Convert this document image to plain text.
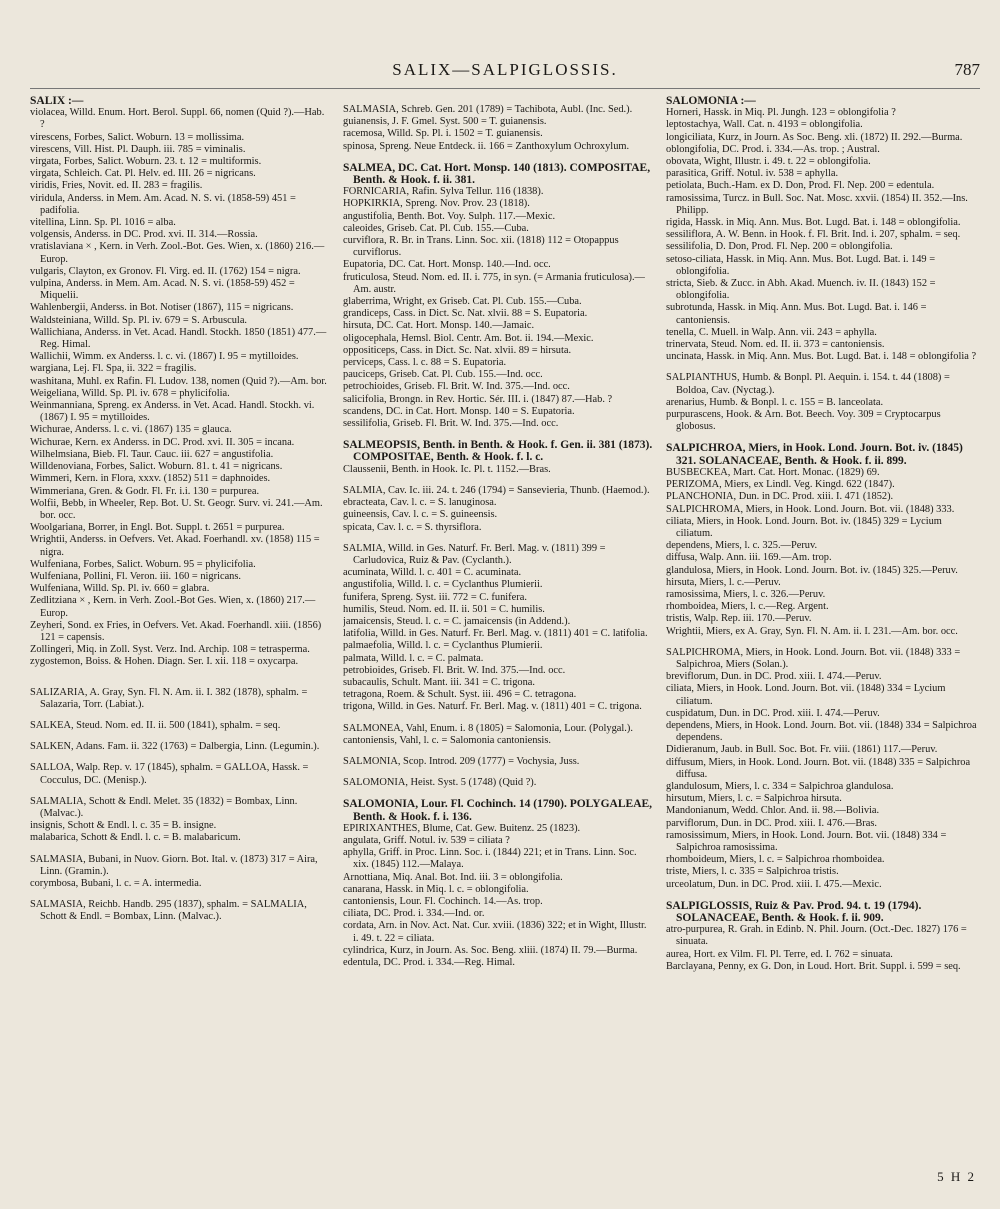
SALIX—SALPIGLOSSIS.	787

SALIX :—

violacea, Willd. Enum. Hort. Berol. Suppl. 66, nomen (Quid ?).—Hab. ?

virescens, Forbes, Salict. Woburn. 13 = mollissima.

virescens, Vill. Hist. Pl. Dauph. iii. 785 = viminalis.

virgata, Forbes, Salict. Woburn. 23. t. 12 = multiformis.

virgata, Schleich. Cat. Pl. Helv. ed. III. 26 = nigricans.

viridis, Fries, Novit. ed. II. 283 = fragilis.

viridula, Anderss. in Mem. Am. Acad. N. S. vi. (1858-59) 451 = padifolia.

vitellina, Linn. Sp. Pl. 1016 = alba.

volgensis, Anderss. in DC. Prod. xvi. II. 314.—Rossia.

vratislaviana × , Kern. in Verh. Zool.-Bot. Ges. Wien, x. (1860) 216.—Europ.

vulgaris, Clayton, ex Gronov. Fl. Virg. ed. II. (1762) 154 = nigra.

vulpina, Anderss. in Mem. Am. Acad. N. S. vi. (1858-59) 452 = Miquelii.

Wahlenbergii, Anderss. in Bot. Notiser (1867), 115 = nigricans.

Waldsteiniana, Willd. Sp. Pl. iv. 679 = S. Arbuscula.

Wallichiana, Anderss. in Vet. Acad. Handl. Stockh. 1850 (1851) 477.—Reg. Himal.

Wallichii, Wimm. ex Anderss. l. c. vi. (1867) I. 95 = mytilloides.

wargiana, Lej. Fl. Spa, ii. 322 = fragilis.

washitana, Muhl. ex Rafin. Fl. Ludov. 138, nomen (Quid ?).—Am. bor.

Weigeliana, Willd. Sp. Pl. iv. 678 = phylicifolia.

Weinmanniana, Spreng. ex Anderss. in Vet. Acad. Handl. Stockh. vi. (1867) I. 95 = mytilloides.

Wichurae, Anderss. l. c. vi. (1867) 135 = glauca.

Wichurae, Kern. ex Anderss. in DC. Prod. xvi. II. 305 = incana.

Wilhelmsiana, Bieb. Fl. Taur. Cauc. iii. 627 = angustifolia.

Willdenoviana, Forbes, Salict. Woburn. 81. t. 41 = nigricans.

Wimmeri, Kern. in Flora, xxxv. (1852) 511 = daphnoides.

Wimmeriana, Gren. & Godr. Fl. Fr. i.i. 130 = purpurea.

Wolfii, Bebb, in Wheeler, Rep. Bot. U. St. Geogr. Surv. vi. 241.—Am. bor. occ.

Woolgariana, Borrer, in Engl. Bot. Suppl. t. 2651 = purpurea.

Wrightii, Anderss. in Oefvers. Vet. Akad. Foerhandl. xv. (1858) 115 = nigra.

Wulfeniana, Forbes, Salict. Woburn. 95 = phylicifolia.

Wulfeniana, Pollini, Fl. Veron. iii. 160 = nigricans.

Wulfeniana, Willd. Sp. Pl. iv. 660 = glabra.

Zedlitziana × , Kern. in Verh. Zool.-Bot Ges. Wien, x. (1860) 217.—Europ.

Zeyheri, Sond. ex Fries, in Oefvers. Vet. Akad. Foerhandl. xiii. (1856) 121 = capensis.

Zollingeri, Miq. in Zoll. Syst. Verz. Ind. Archip. 108 = tetrasperma.

zygostemon, Boiss. & Hohen. Diagn. Ser. I. xii. 118 = oxycarpa.

SALIZARIA, A. Gray, Syn. Fl. N. Am. ii. I. 382 (1878), sphalm. = Salazaria, Torr. (Labiat.).

SALKEA, Steud. Nom. ed. II. ii. 500 (1841), sphalm. = seq.

SALKEN, Adans. Fam. ii. 322 (1763) = Dalbergia, Linn. (Legumin.).

SALLOA, Walp. Rep. v. 17 (1845), sphalm. = GALLOA, Hassk. = Cocculus, DC. (Menisp.).

SALMALIA, Schott & Endl. Melet. 35 (1832) = Bombax, Linn. (Malvac.).

insignis, Schott & Endl. l. c. 35 = B. insigne.

malabarica, Schott & Endl. l. c. = B. malabaricum.

SALMASIA, Bubani, in Nuov. Giorn. Bot. Ital. v. (1873) 317 = Aira, Linn. (Gramin.).

corymbosa, Bubani, l. c. = A. intermedia.

SALMASIA, Reichb. Handb. 295 (1837), sphalm. = SALMALIA, Schott & Endl. = Bombax, Linn. (Malvac.).

SALMASIA, Schreb. Gen. 201 (1789) = Tachibota, Aubl. (Inc. Sed.).

guianensis, J. F. Gmel. Syst. 500 = T. guianensis.

racemosa, Willd. Sp. Pl. i. 1502 = T. guianensis.

spinosa, Spreng. Neue Entdeck. ii. 166 = Zanthoxylum Ochroxylum.

SALMEA, DC. Cat. Hort. Monsp. 140 (1813). COMPOSITAE, Benth. & Hook. f. ii. 381.

FORNICARIA, Rafin. Sylva Tellur. 116 (1838).

HOPKIRKIA, Spreng. Nov. Prov. 23 (1818).

angustifolia, Benth. Bot. Voy. Sulph. 117.—Mexic.

caleoides, Griseb. Cat. Pl. Cub. 155.—Cuba.

curviflora, R. Br. in Trans. Linn. Soc. xii. (1818) 112 = Otopappus curviflorus.

Eupatoria, DC. Cat. Hort. Monsp. 140.—Ind. occ.

fruticulosa, Steud. Nom. ed. II. i. 775, in syn. (= Armania fruticulosa).—Am. austr.

glaberrima, Wright, ex Griseb. Cat. Pl. Cub. 155.—Cuba.

grandiceps, Cass. in Dict. Sc. Nat. xlvii. 88 = S. Eupatoria.

hirsuta, DC. Cat. Hort. Monsp. 140.—Jamaic.

oligocephala, Hemsl. Biol. Centr. Am. Bot. ii. 194.—Mexic.

oppositiceps, Cass. in Dict. Sc. Nat. xlvii. 89 = hirsuta.

perviceps, Cass. l. c. 88 = S. Eupatoria.

pauciceps, Griseb. Cat. Pl. Cub. 155.—Ind. occ.

petrochioides, Griseb. Fl. Brit. W. Ind. 375.—Ind. occ.

salicifolia, Brongn. in Rev. Hortic. Sér. III. i. (1847) 87.—Hab. ?

scandens, DC. in Cat. Hort. Monsp. 140 = S. Eupatoria.

sessilifolia, Griseb. Fl. Brit. W. Ind. 375.—Ind. occ.

SALMEOPSIS, Benth. in Benth. & Hook. f. Gen. ii. 381 (1873). COMPOSITAE, Benth. & Hook. f. l. c.

Claussenii, Benth. in Hook. Ic. Pl. t. 1152.—Bras.

SALMIA, Cav. Ic. iii. 24. t. 246 (1794) = Sansevieria, Thunb. (Haemod.).

ebracteata, Cav. l. c. = S. lanuginosa.

guineensis, Cav. l. c. = S. guineensis.

spicata, Cav. l. c. = S. thyrsiflora.

SALMIA, Willd. in Ges. Naturf. Fr. Berl. Mag. v. (1811) 399 = Carludovica, Ruiz & Pav. (Cyclanth.).

acuminata, Willd. l. c. 401 = C. acuminata.

angustifolia, Willd. l. c. = Cyclanthus Plumierii.

funifera, Spreng. Syst. iii. 772 = C. funifera.

humilis, Steud. Nom. ed. II. ii. 501 = C. humilis.

jamaicensis, Steud. l. c. = C. jamaicensis (in Addend.).

latifolia, Willd. in Ges. Naturf. Fr. Berl. Mag. v. (1811) 401 = C. latifolia.

palmaefolia, Willd. l. c. = Cyclanthus Plumierii.

palmata, Willd. l. c. = C. palmata.

petrobioides, Griseb. Fl. Brit. W. Ind. 375.—Ind. occ.

subacaulis, Schult. Mant. iii. 341 = C. trigona.

tetragona, Roem. & Schult. Syst. iii. 496 = C. tetragona.

trigona, Willd. in Ges. Naturf. Fr. Berl. Mag. v. (1811) 401 = C. trigona.

SALMONEA, Vahl, Enum. i. 8 (1805) = Salomonia, Lour. (Polygal.).

cantoniensis, Vahl, l. c. = Salomonia cantoniensis.

SALMONIA, Scop. Introd. 209 (1777) = Vochysia, Juss.

SALOMONIA, Heist. Syst. 5 (1748) (Quid ?).

SALOMONIA, Lour. Fl. Cochinch. 14 (1790). POLYGALEAE, Benth. & Hook. f. i. 136.

EPIRIXANTHES, Blume, Cat. Gew. Buitenz. 25 (1823).

angulata, Griff. Notul. iv. 539 = ciliata ?

aphylla, Griff. in Proc. Linn. Soc. i. (1844) 221; et in Trans. Linn. Soc. xix. (1845) 112.—Malaya.

Arnottiana, Miq. Anal. Bot. Ind. iii. 3 = oblongifolia.

canarana, Hassk. in Miq. l. c. = oblongifolia.

cantoniensis, Lour. Fl. Cochinch. 14.—As. trop.

ciliata, DC. Prod. i. 334.—Ind. or.

cordata, Arn. in Nov. Act. Nat. Cur. xviii. (1836) 322; et in Wight, Illustr. i. 49. t. 22 = ciliata.

cylindrica, Kurz, in Journ. As. Soc. Beng. xliii. (1874) II. 79.—Burma.

edentula, DC. Prod. i. 334.—Reg. Himal.

SALOMONIA :—

Horneri, Hassk. in Miq. Pl. Jungh. 123 = oblongifolia ?

leptostachya, Wall. Cat. n. 4193 = oblongifolia.

longiciliata, Kurz, in Journ. As Soc. Beng. xli. (1872) II. 292.—Burma.

oblongifolia, DC. Prod. i. 334.—As. trop. ; Austral.

obovata, Wight, Illustr. i. 49. t. 22 = oblongifolia.

parasitica, Griff. Notul. iv. 538 = aphylla.

petiolata, Buch.-Ham. ex D. Don, Prod. Fl. Nep. 200 = edentula.

ramosissima, Turcz. in Bull. Soc. Nat. Mosc. xxvii. (1854) II. 352.—Ins. Philipp.

rigida, Hassk. in Miq. Ann. Mus. Bot. Lugd. Bat. i. 148 = oblongifolia.

sessiliflora, A. W. Benn. in Hook. f. Fl. Brit. Ind. i. 207, sphalm. = seq.

sessilifolia, D. Don, Prod. Fl. Nep. 200 = oblongifolia.

setoso-ciliata, Hassk. in Miq. Ann. Mus. Bot. Lugd. Bat. i. 149 = oblongifolia.

stricta, Sieb. & Zucc. in Abh. Akad. Muench. iv. II. (1843) 152 = oblongifolia.

subrotunda, Hassk. in Miq. Ann. Mus. Bot. Lugd. Bat. i. 146 = cantoniensis.

tenella, C. Muell. in Walp. Ann. vii. 243 = aphylla.

trinervata, Steud. Nom. ed. II. ii. 373 = cantoniensis.

uncinata, Hassk. in Miq. Ann. Mus. Bot. Lugd. Bat. i. 148 = oblongifolia ?

SALPIANTHUS, Humb. & Bonpl. Pl. Aequin. i. 154. t. 44 (1808) = Boldoa, Cav. (Nyctag.).

arenarius, Humb. & Bonpl. l. c. 155 = B. lanceolata.

purpurascens, Hook. & Arn. Bot. Beech. Voy. 309 = Cryptocarpus globosus.

SALPICHROA, Miers, in Hook. Lond. Journ. Bot. iv. (1845) 321. SOLANACEAE, Benth. & Hook. f. ii. 899.

BUSBECKEA, Mart. Cat. Hort. Monac. (1829) 69.

PERIZOMA, Miers, ex Lindl. Veg. Kingd. 622 (1847).

PLANCHONIA, Dun. in DC. Prod. xiii. I. 471 (1852).

SALPICHROMA, Miers, in Hook. Lond. Journ. Bot. vii. (1848) 333.

ciliata, Miers, in Hook. Lond. Journ. Bot. iv. (1845) 329 = Lycium ciliatum.

dependens, Miers, l. c. 325.—Peruv.

diffusa, Walp. Ann. iii. 169.—Am. trop.

glandulosa, Miers, in Hook. Lond. Journ. Bot. iv. (1845) 325.—Peruv.

hirsuta, Miers, l. c.—Peruv.

ramosissima, Miers, l. c. 326.—Peruv.

rhomboidea, Miers, l. c.—Reg. Argent.

tristis, Walp. Rep. iii. 170.—Peruv.

Wrightii, Miers, ex A. Gray, Syn. Fl. N. Am. ii. I. 231.—Am. bor. occ.

SALPICHROMA, Miers, in Hook. Lond. Journ. Bot. vii. (1848) 333 = Salpichroa, Miers (Solan.).

breviflorum, Dun. in DC. Prod. xiii. I. 474.—Peruv.

ciliata, Miers, in Hook. Lond. Journ. Bot. vii. (1848) 334 = Lycium ciliatum.

cuspidatum, Dun. in DC. Prod. xiii. I. 474.—Peruv.

dependens, Miers, in Hook. Lond. Journ. Bot. vii. (1848) 334 = Salpichroa dependens.

Didieranum, Jaub. in Bull. Soc. Bot. Fr. viii. (1861) 117.—Peruv.

diffusum, Miers, in Hook. Lond. Journ. Bot. vii. (1848) 335 = Salpichroa diffusa.

glandulosum, Miers, l. c. 334 = Salpichroa glandulosa.

hirsutum, Miers, l. c. = Salpichroa hirsuta.

Mandonianum, Wedd. Chlor. And. ii. 98.—Bolivia.

parviflorum, Dun. in DC. Prod. xiii. I. 476.—Bras.

ramosissimum, Miers, in Hook. Lond. Journ. Bot. vii. (1848) 334 = Salpichroa ramosissima.

rhomboideum, Miers, l. c. = Salpichroa rhomboidea.

triste, Miers, l. c. 335 = Salpichroa tristis.

urceolatum, Dun. in DC. Prod. xiii. I. 475.—Mexic.

SALPIGLOSSIS, Ruiz & Pav. Prod. 94. t. 19 (1794). SOLANACEAE, Benth. & Hook. f. ii. 909.

atro-purpurea, R. Grah. in Edinb. N. Phil. Journ. (Oct.-Dec. 1827) 176 = sinuata.

aurea, Hort. ex Vilm. Fl. Pl. Terre, ed. I. 762 = sinuata.

Barclayana, Penny, ex G. Don, in Loud. Hort. Brit. Suppl. i. 599 = seq.

5 H 2
